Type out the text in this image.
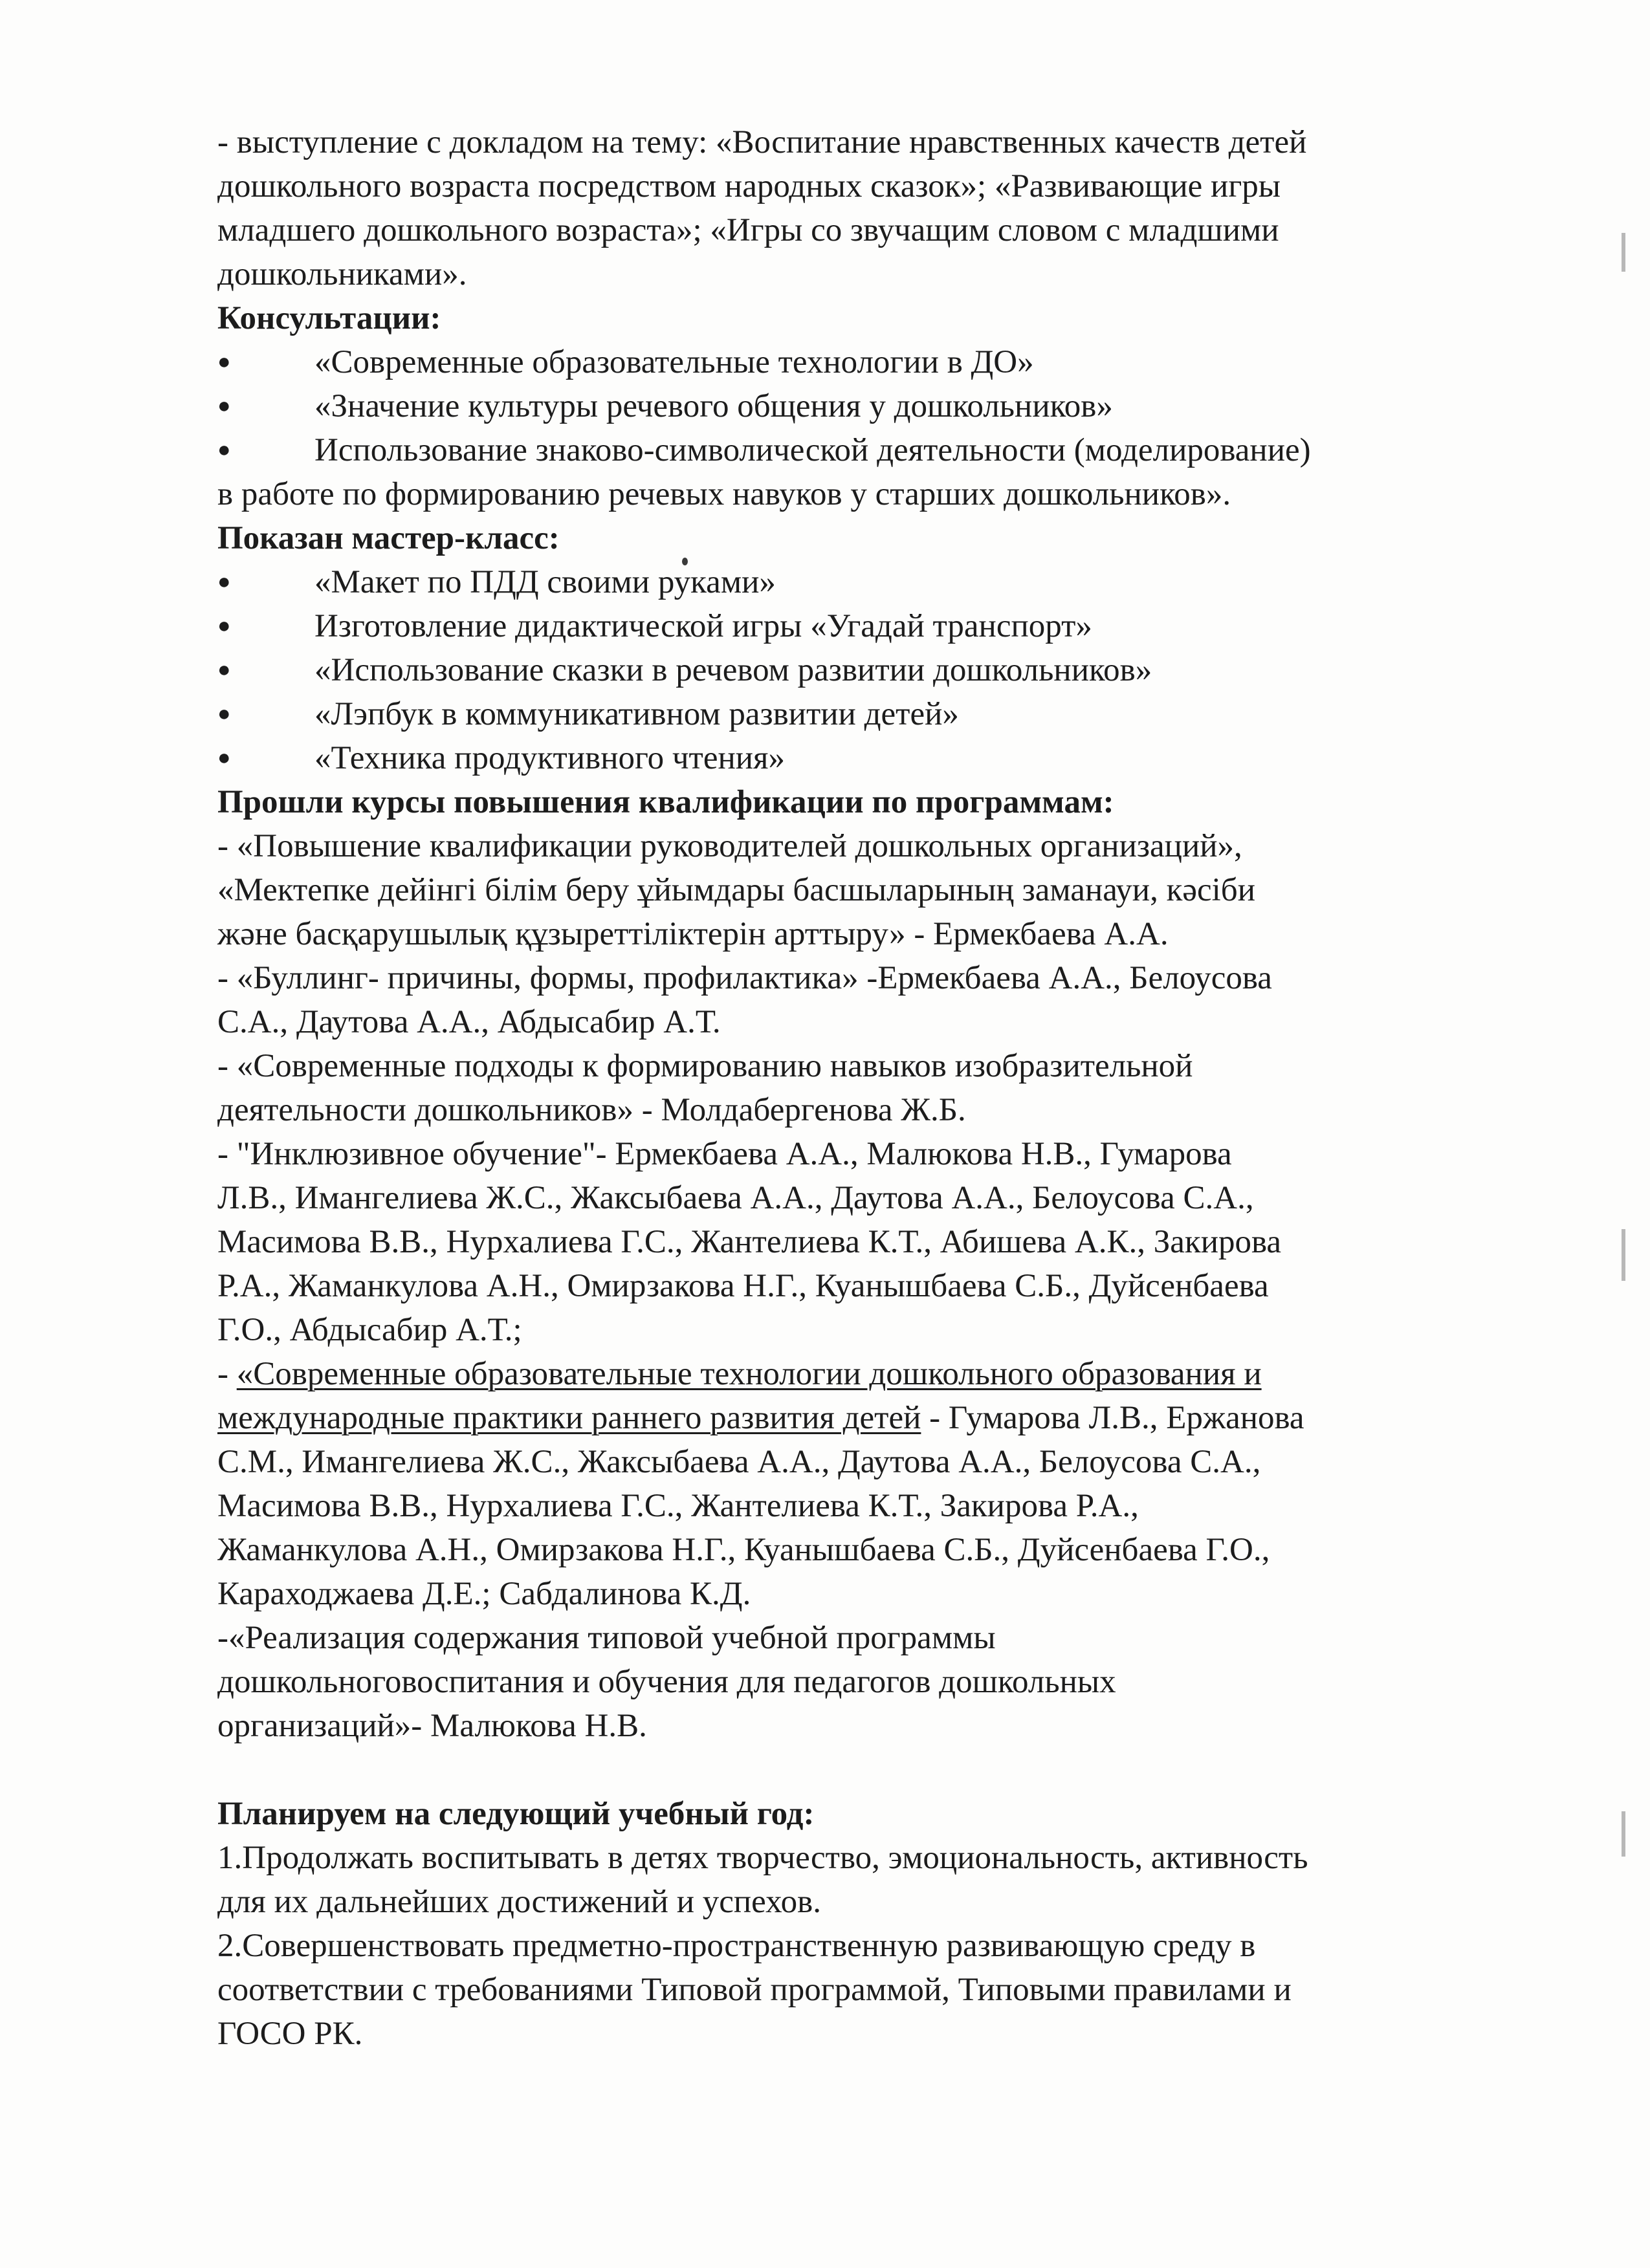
- выступление с докладом на тему: «Воспитание нравственных качеств детей
дошкольного возраста посредством народных сказок»; «Развивающие игры
младшего дошкольного возраста»; «Игры со звучащим словом с младшими
дошкольниками».
Консультации:
●	«Современные образовательные технологии в ДО»
●	«Значение культуры речевого общения у дошкольников»
●	Использование знаково-символической деятельности (моделирование)
в работе по формированию речевых навуков у старших дошкольников».
Показан мастер-класс:
●	«Макет по ПДД своими руками»
●	Изготовление дидактической игры «Угадай транспорт»
●	«Использование сказки в речевом развитии дошкольников»
●	«Лэпбук в коммуникативном развитии детей»
●	«Техника продуктивного чтения»
Прошли курсы повышения квалификации по программам:
- «Повышение квалификации руководителей дошкольных организаций»,
«Мектепке дейінгі білім беру ұйымдары басшыларының заманауи, кәсіби
және басқарушылық құзыреттіліктерін арттыру» - Ермекбаева А.А.
- «Буллинг- причины, формы, профилактика» -Ермекбаева А.А., Белоусова
С.А., Даутова А.А., Абдысабир А.Т.
- «Современные подходы к формированию навыков изобразительной
деятельности дошкольников» - Молдабергенова Ж.Б.
- "Инклюзивное обучение"- Ермекбаева А.А., Малюкова Н.В., Гумарова
Л.В., Имангелиева Ж.С., Жаксыбаева А.А., Даутова А.А., Белоусова С.А.,
Масимова В.В., Нурхалиева Г.С., Жантелиева К.Т., Абишева А.К., Закирова
Р.А., Жаманкулова А.Н., Омирзакова Н.Г., Куанышбаева С.Б., Дуйсенбаева
Г.О., Абдысабир А.Т.;
- «Современные образовательные технологии дошкольного образования и
международные практики раннего развития детей - Гумарова Л.В., Ержанова
С.М., Имангелиева Ж.С., Жаксыбаева А.А., Даутова А.А., Белоусова С.А.,
Масимова В.В., Нурхалиева Г.С., Жантелиева К.Т., Закирова Р.А.,
Жаманкулова А.Н., Омирзакова Н.Г., Куанышбаева С.Б., Дуйсенбаева Г.О.,
Караходжаева Д.Е.; Сабдалинова К.Д.
-«Реализация содержания типовой учебной программы
дошкольноговоспитания и обучения для педагогов дошкольных
организаций»- Малюкова Н.В.
Планируем на следующий учебный год:
1.Продолжать воспитывать в детях творчество, эмоциональность, активность
для их дальнейших достижений и успехов.
2.Совершенствовать предметно-пространственную развивающую среду в
соответствии с требованиями Типовой программой, Типовыми правилами и
ГОСО РК.
